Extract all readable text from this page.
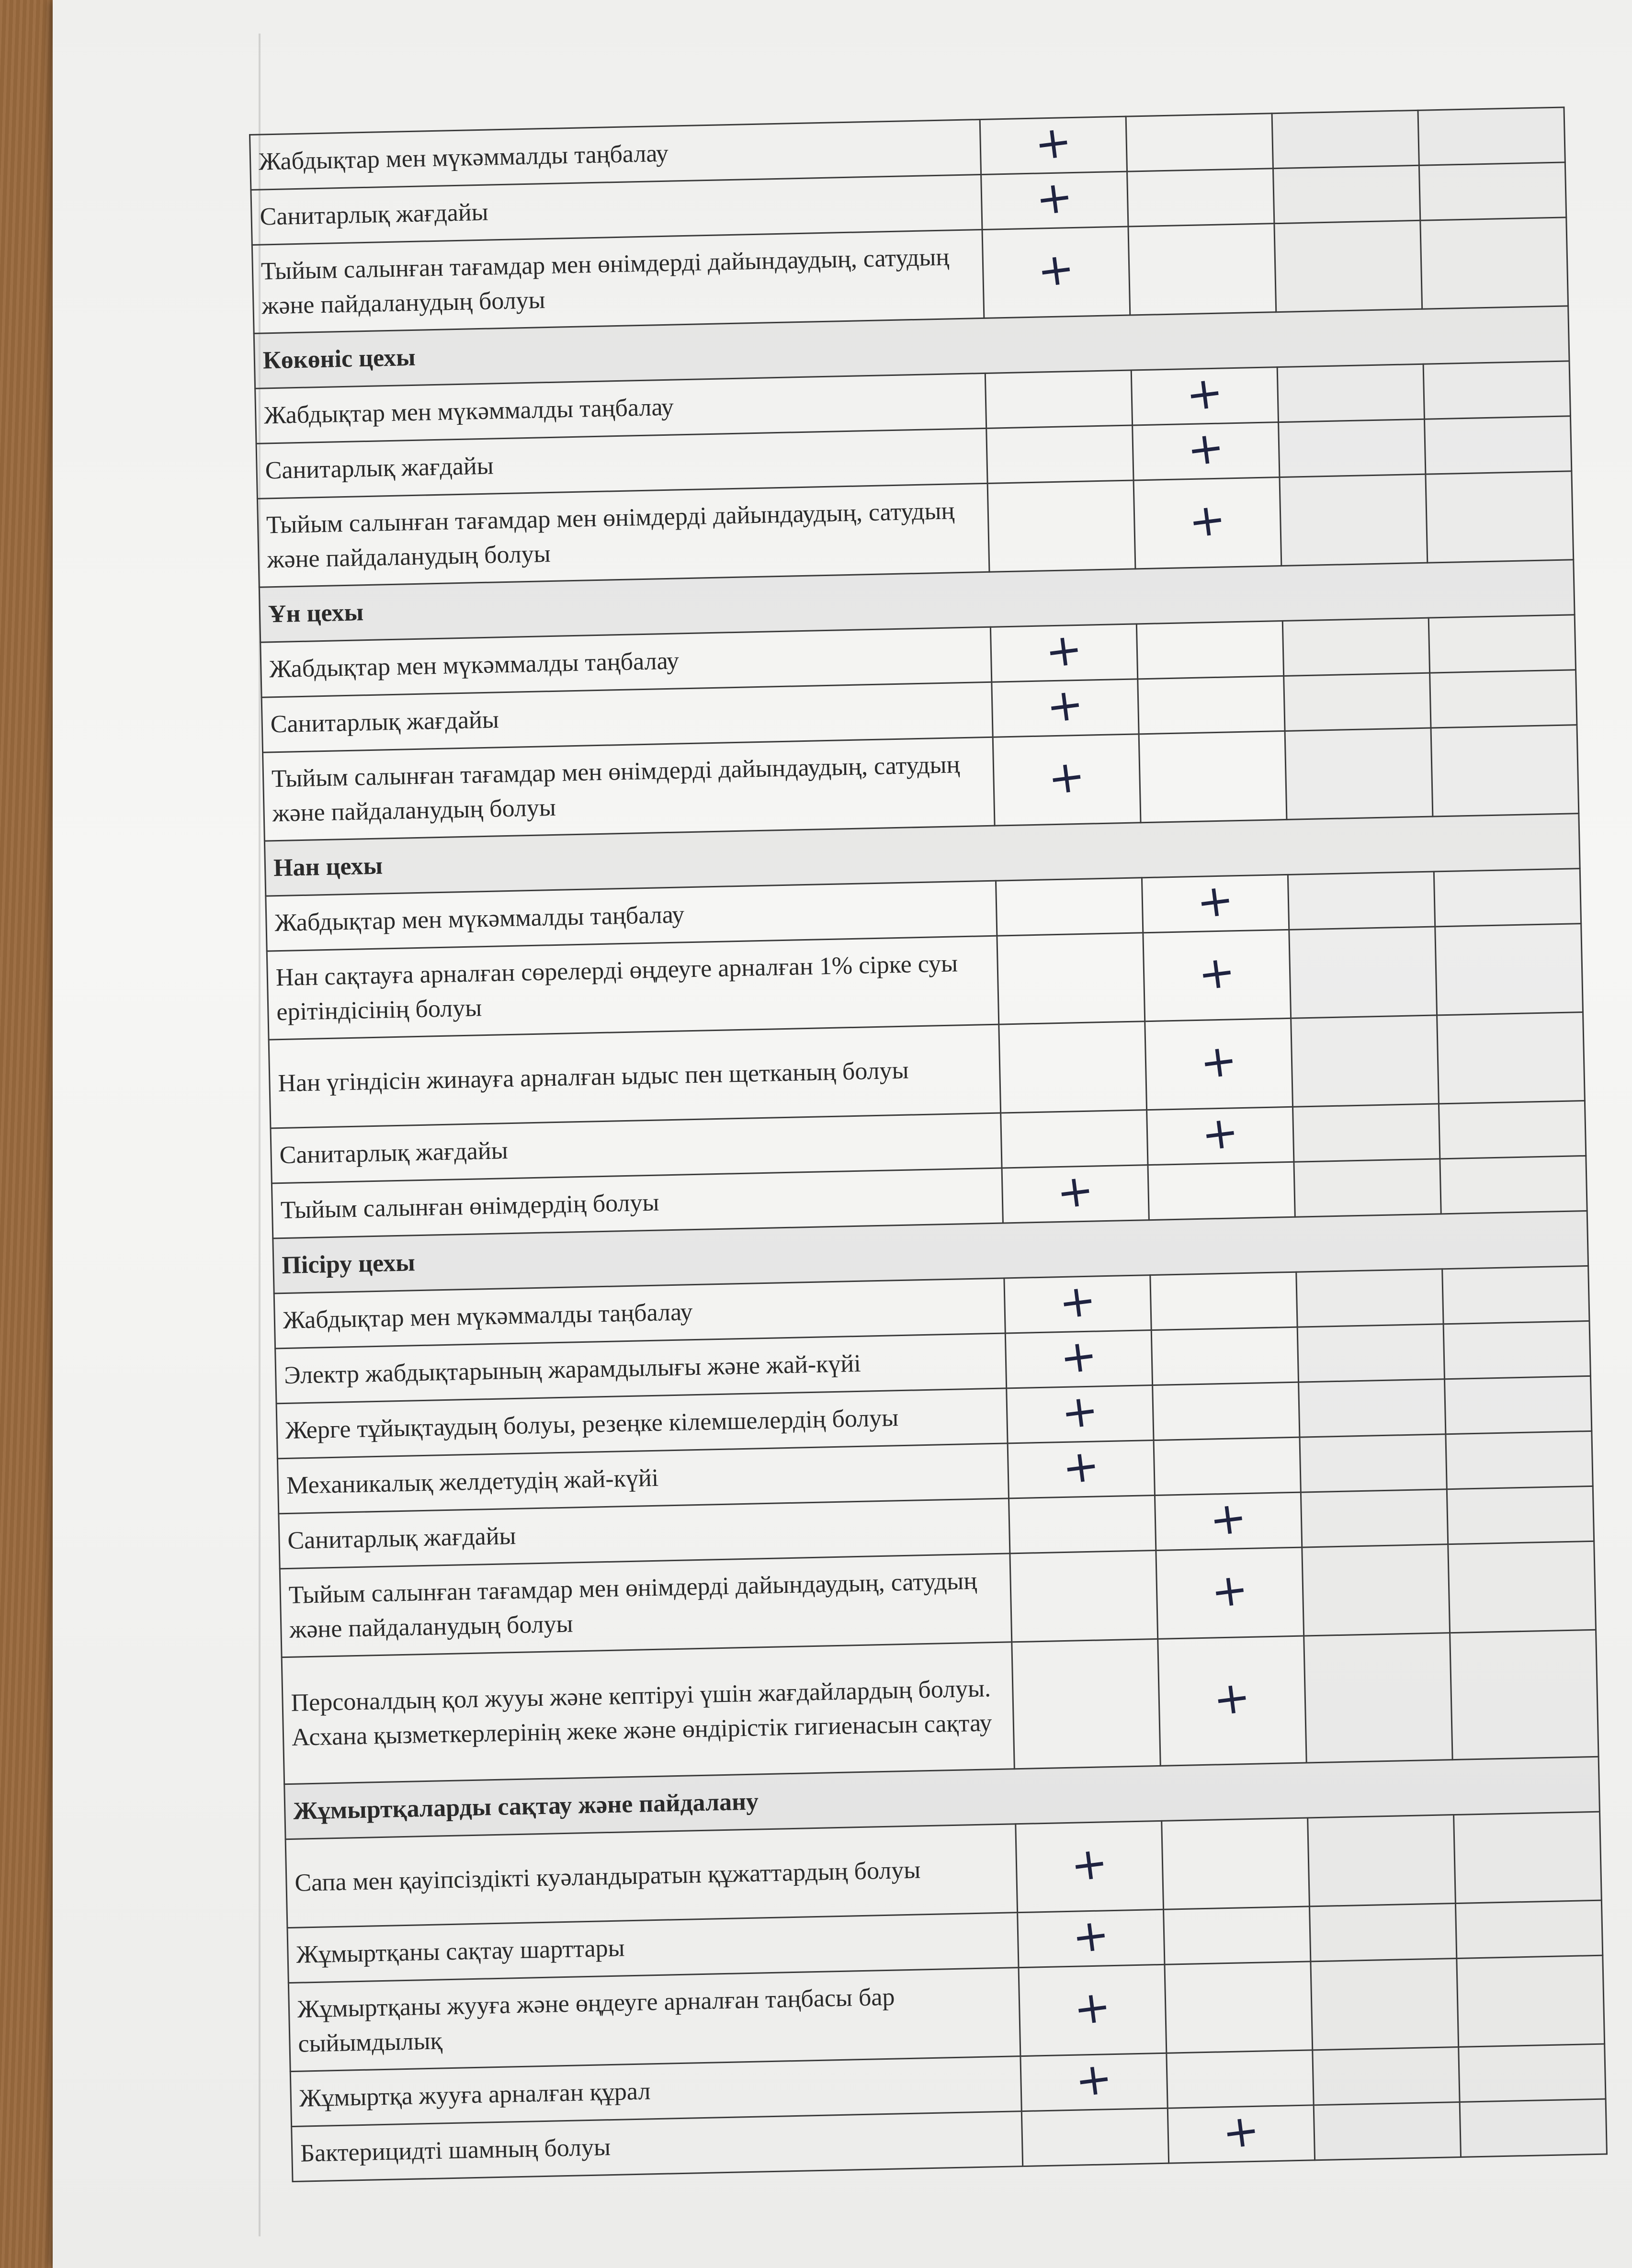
Жабдықтар мен мүкәммалды таңбалау	+			
Санитарлық жағдайы	+			
Тыйым салынған тағамдар мен өнімдерді дайындаудың, сатудың және пайдаланудың болуы	+			
Көкөніс цехы				
Жабдықтар мен мүкәммалды таңбалау		+		
Санитарлық жағдайы		+		
Тыйым салынған тағамдар мен өнімдерді дайындаудың, сатудың және пайдаланудың болуы		+		
Ұн цехы				
Жабдықтар мен мүкәммалды таңбалау	+			
Санитарлық жағдайы	+			
Тыйым салынған тағамдар мен өнімдерді дайындаудың, сатудың және пайдаланудың болуы	+			
Нан цехы				
Жабдықтар мен мүкәммалды таңбалау		+		
Нан сақтауға арналған сөрелерді өңдеуге арналған 1% сірке суы ерітіндісінің болуы		+		
Нан үгіндісін жинауға арналған ыдыс пен щетканың болуы		+		
Санитарлық жағдайы		+		
Тыйым салынған өнімдердің болуы	+			
Пісіру цехы				
Жабдықтар мен мүкәммалды таңбалау	+			
Электр жабдықтарының жарамдылығы және жай-күйі	+			
Жерге тұйықтаудың болуы, резеңке кілемшелердің болуы	+			
Механикалық желдетудің жай-күйі	+			
Санитарлық жағдайы		+		
Тыйым салынған тағамдар мен өнімдерді дайындаудың, сатудың және пайдаланудың болуы		+		
Персоналдың қол жууы және кептіруі үшін жағдайлардың болуы. Асхана қызметкерлерінің жеке және өндірістік гигиенасын сақтау		+		
Жұмыртқаларды сақтау және пайдалану				
Сапа мен қауіпсіздікті куәландыратын құжаттардың болуы	+			
Жұмыртқаны сақтау шарттары	+			
Жұмыртқаны жууға және өңдеуге арналған таңбасы бар сыйымдылық	+			
Жұмыртқа жууға арналған құрал	+			
Бактерицидті шамның болуы		+		
